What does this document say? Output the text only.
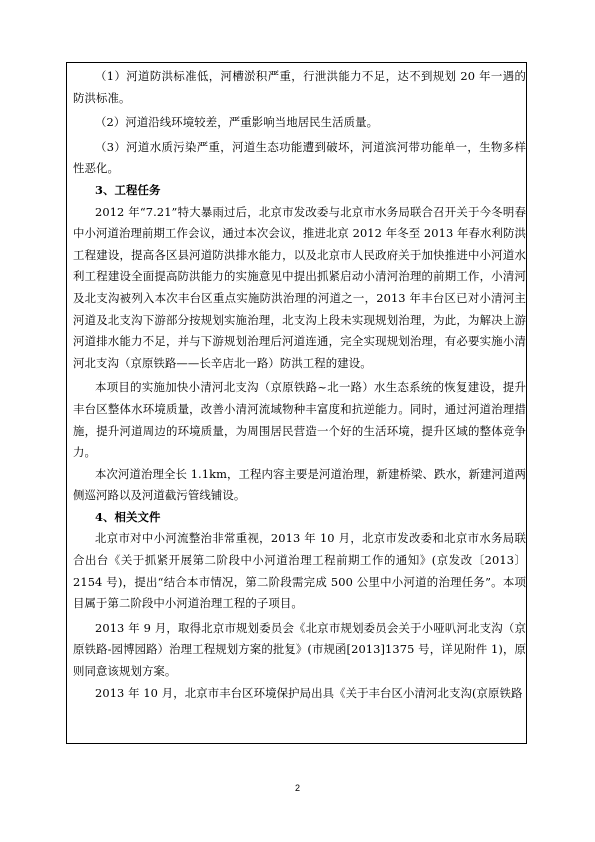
（1）河道防洪标准低，河槽淤积严重，行泄洪能力不足，达不到规划 20 年一遇的防洪标准。

（2）河道沿线环境较差，严重影响当地居民生活质量。

（3）河道水质污染严重，河道生态功能遭到破坏，河道滨河带功能单一，生物多样性恶化。

3、工程任务

2012 年“7.21”特大暴雨过后，北京市发改委与北京市水务局联合召开关于今冬明春中小河道治理前期工作会议，通过本次会议，推进北京 2012 年冬至 2013 年春水利防洪工程建设，提高各区县河道防洪排水能力，以及北京市人民政府关于加快推进中小河道水利工程建设全面提高防洪能力的实施意见中提出抓紧启动小清河治理的前期工作，小清河及北支沟被列入本次丰台区重点实施防洪治理的河道之一，2013 年丰台区已对小清河主河道及北支沟下游部分按规划实施治理，北支沟上段未实现规划治理，为此，为解决上游河道排水能力不足，并与下游规划治理后河道连通，完全实现规划治理，有必要实施小清河北支沟（京原铁路——长辛店北一路）防洪工程的建设。

本项目的实施加快小清河北支沟（京原铁路~北一路）水生态系统的恢复建设，提升丰台区整体水环境质量，改善小清河流域物种丰富度和抗逆能力。同时，通过河道治理措施，提升河道周边的环境质量，为周围居民营造一个好的生活环境，提升区域的整体竞争力。

本次河道治理全长 1.1km，工程内容主要是河道治理，新建桥梁、跌水，新建河道两侧巡河路以及河道截污管线铺设。

4、相关文件

北京市对中小河流整治非常重视，2013 年 10 月，北京市发改委和北京市水务局联合出台《关于抓紧开展第二阶段中小河道治理工程前期工作的通知》(京发改〔2013〕2154 号)，提出“结合本市情况，第二阶段需完成 500 公里中小河道的治理任务”。本项目属于第二阶段中小河道治理工程的子项目。

2013 年 9 月，取得北京市规划委员会《北京市规划委员会关于小哑叭河北支沟（京原铁路-园博园路）治理工程规划方案的批复》(市规函[2013]1375 号，详见附件 1)，原则同意该规划方案。

2013 年 10 月，北京市丰台区环境保护局出具《关于丰台区小清河北支沟(京原铁路

2
